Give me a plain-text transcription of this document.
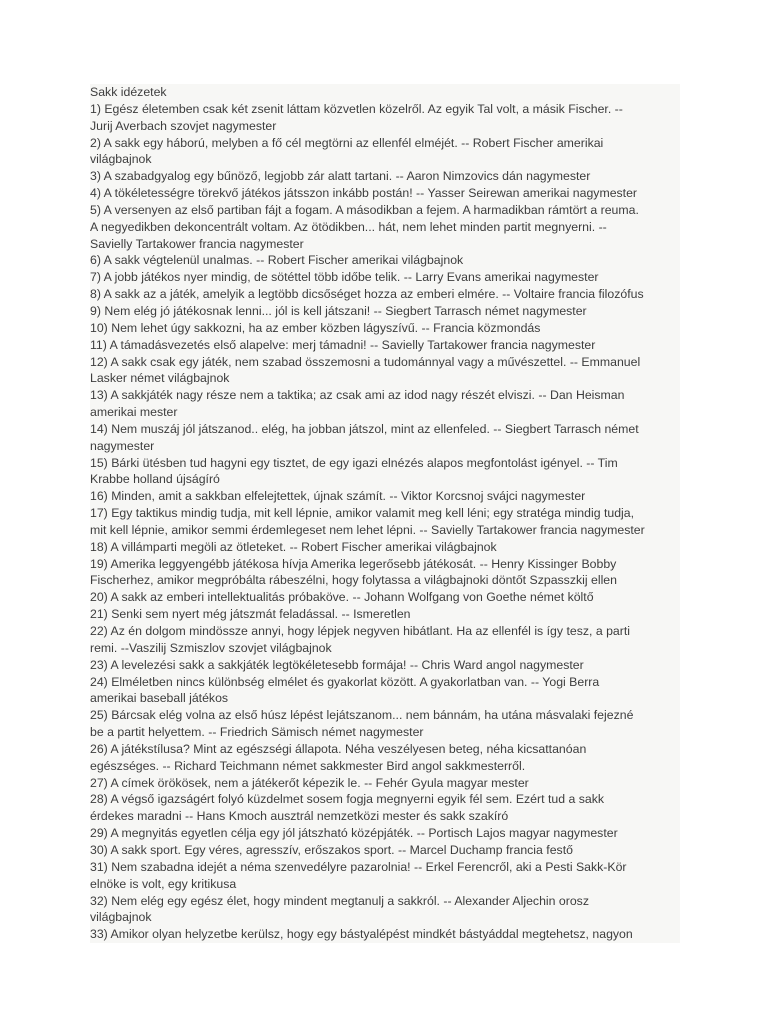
Sakk idézetek
1) Egész életemben csak két zsenit láttam közvetlen közelről. Az egyik Tal volt, a másik Fischer. --
Jurij Averbach szovjet nagymester
2) A sakk egy háború, melyben a fő cél megtörni az ellenfél elméjét. -- Robert Fischer amerikai
világbajnok
3) A szabadgyalog egy bűnöző, legjobb zár alatt tartani. -- Aaron Nimzovics dán nagymester
4) A tökéletességre törekvő játékos játsszon inkább postán! -- Yasser Seirewan amerikai nagymester
5) A versenyen az első partiban fájt a fogam. A másodikban a fejem. A harmadikban rámtört a reuma.
A negyedikben dekoncentrált voltam. Az ötödikben... hát, nem lehet minden partit megnyerni. --
Savielly Tartakower francia nagymester
6) A sakk végtelenül unalmas. -- Robert Fischer amerikai világbajnok
7) A jobb játékos nyer mindig, de sötéttel több időbe telik. -- Larry Evans amerikai nagymester
8) A sakk az a játék, amelyik a legtöbb dicsőséget hozza az emberi elmére. -- Voltaire francia filozófus
9) Nem elég jó játékosnak lenni... jól is kell játszani! -- Siegbert Tarrasch német nagymester
10) Nem lehet úgy sakkozni, ha az ember közben lágyszívű. -- Francia közmondás
11) A támadásvezetés első alapelve: merj támadni! -- Savielly Tartakower francia nagymester
12) A sakk csak egy játék, nem szabad összemosni a tudománnyal vagy a művészettel. -- Emmanuel
Lasker német világbajnok
13) A sakkjáték nagy része nem a taktika; az csak ami az idod nagy részét elviszi. -- Dan Heisman
amerikai mester
14) Nem muszáj jól játszanod.. elég, ha jobban játszol, mint az ellenfeled. -- Siegbert Tarrasch német
nagymester
15) Bárki ütésben tud hagyni egy tisztet, de egy igazi elnézés alapos megfontolást igényel. -- Tim
Krabbe holland újságíró
16) Minden, amit a sakkban elfelejtettek, újnak számít. -- Viktor Korcsnoj svájci nagymester
17) Egy taktikus mindig tudja, mit kell lépnie, amikor valamit meg kell léni; egy stratéga mindig tudja,
mit kell lépnie, amikor semmi érdemlegeset nem lehet lépni. -- Savielly Tartakower francia nagymester
18) A villámparti megöli az ötleteket. -- Robert Fischer amerikai világbajnok
19) Amerika leggyengébb játékosa hívja Amerika legerősebb játékosát. -- Henry Kissinger Bobby
Fischerhez, amikor megpróbálta rábeszélni, hogy folytassa a világbajnoki döntőt Szpasszkij ellen
20) A sakk az emberi intellektualitás próbaköve. -- Johann Wolfgang von Goethe német költő
21) Senki sem nyert még játszmát feladással. -- Ismeretlen
22) Az én dolgom mindössze annyi, hogy lépjek negyven hibátlant. Ha az ellenfél is így tesz, a parti
remi. --Vaszilij Szmiszlov szovjet világbajnok
23) A levelezési sakk a sakkjáték legtökéletesebb formája! -- Chris Ward angol nagymester
24) Elméletben nincs különbség elmélet és gyakorlat között. A gyakorlatban van. -- Yogi Berra
amerikai baseball játékos
25) Bárcsak elég volna az első húsz lépést lejátszanom... nem bánnám, ha utána másvalaki fejezné
be a partit helyettem. -- Friedrich Sämisch német nagymester
26) A játékstílusa? Mint az egészségi állapota. Néha veszélyesen beteg, néha kicsattanóan
egészséges. -- Richard Teichmann német sakkmester Bird angol sakkmesterről.
27) A címek örökösek, nem a játékerőt képezik le. -- Fehér Gyula magyar mester
28) A végső igazságért folyó küzdelmet sosem fogja megnyerni egyik fél sem. Ezért tud a sakk
érdekes maradni -- Hans Kmoch ausztrál nemzetközi mester és sakk szakíró
29) A megnyitás egyetlen célja egy jól játszható középjáték. -- Portisch Lajos magyar nagymester
30) A sakk sport. Egy véres, agresszív, erőszakos sport. -- Marcel Duchamp francia festő
31) Nem szabadna idejét a néma szenvedélyre pazarolnia! -- Erkel Ferencről, aki a Pesti Sakk-Kör
elnöke is volt, egy kritikusa
32) Nem elég egy egész élet, hogy mindent megtanulj a sakkról. -- Alexander Aljechin orosz
világbajnok
33) Amikor olyan helyzetbe kerülsz, hogy egy bástyalépést mindkét bástyáddal megtehetsz, nagyon
